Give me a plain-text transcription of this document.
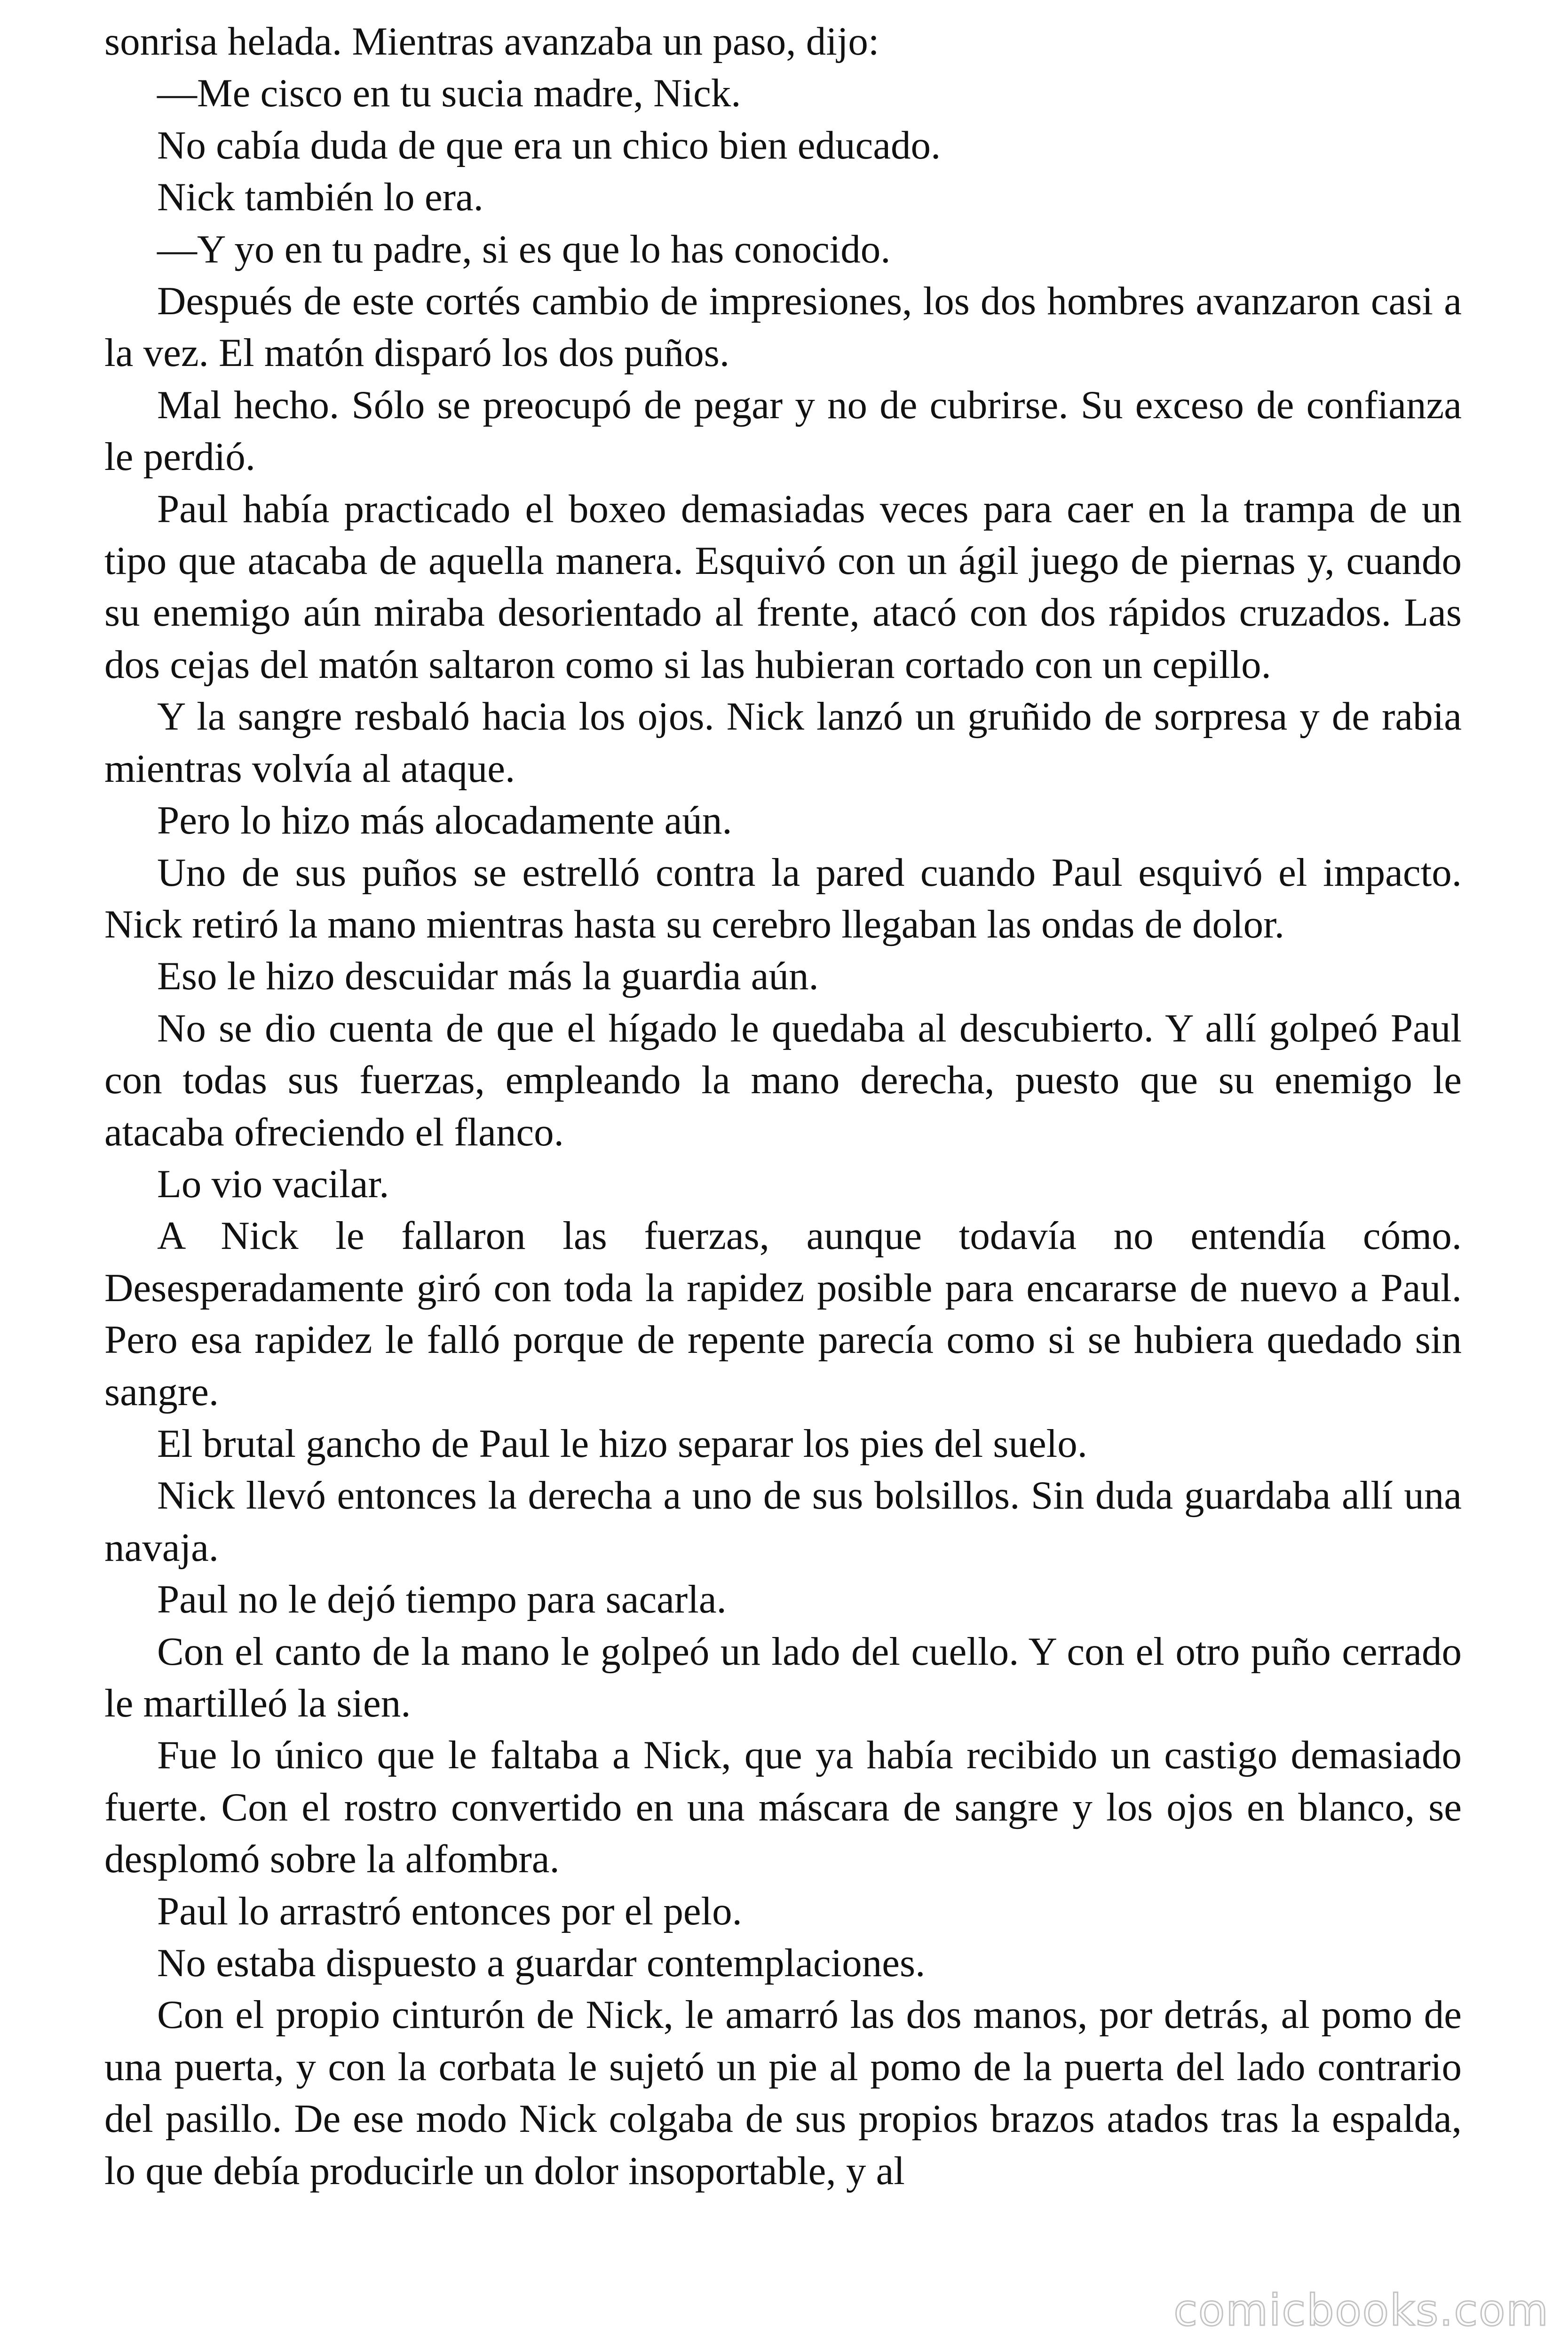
sonrisa helada. Mientras avanzaba un paso, dijo:

—Me cisco en tu sucia madre, Nick.

No cabía duda de que era un chico bien educado.

Nick también lo era.

—Y yo en tu padre, si es que lo has conocido.

Después de este cortés cambio de impresiones, los dos hombres avanzaron casi a la vez. El matón disparó los dos puños.

Mal hecho. Sólo se preocupó de pegar y no de cubrirse. Su exceso de confianza le perdió.

Paul había practicado el boxeo demasiadas veces para caer en la trampa de un tipo que atacaba de aquella manera. Esquivó con un ágil juego de piernas y, cuando su enemigo aún miraba desorientado al frente, atacó con dos rápidos cruzados. Las dos cejas del matón saltaron como si las hubieran cortado con un cepillo.

Y la sangre resbaló hacia los ojos. Nick lanzó un gruñido de sorpresa y de rabia mientras volvía al ataque.

Pero lo hizo más alocadamente aún.

Uno de sus puños se estrelló contra la pared cuando Paul esquivó el impacto. Nick retiró la mano mientras hasta su cerebro llegaban las ondas de dolor.

Eso le hizo descuidar más la guardia aún.

No se dio cuenta de que el hígado le quedaba al descubierto. Y allí golpeó Paul con todas sus fuerzas, empleando la mano derecha, puesto que su enemigo le atacaba ofreciendo el flanco.

Lo vio vacilar.

A Nick le fallaron las fuerzas, aunque todavía no entendía cómo. Desesperadamente giró con toda la rapidez posible para encararse de nuevo a Paul. Pero esa rapidez le falló porque de repente parecía como si se hubiera quedado sin sangre.

El brutal gancho de Paul le hizo separar los pies del suelo.

Nick llevó entonces la derecha a uno de sus bolsillos. Sin duda guardaba allí una navaja.

Paul no le dejó tiempo para sacarla.

Con el canto de la mano le golpeó un lado del cuello. Y con el otro puño cerrado le martilleó la sien.

Fue lo único que le faltaba a Nick, que ya había recibido un castigo demasiado fuerte. Con el rostro convertido en una máscara de sangre y los ojos en blanco, se desplomó sobre la alfombra.

Paul lo arrastró entonces por el pelo.

No estaba dispuesto a guardar contemplaciones.

Con el propio cinturón de Nick, le amarró las dos manos, por detrás, al pomo de una puerta, y con la corbata le sujetó un pie al pomo de la puerta del lado contrario del pasillo. De ese modo Nick colgaba de sus propios brazos atados tras la espalda, lo que debía producirle un dolor insoportable, y al

comicbooks.com
